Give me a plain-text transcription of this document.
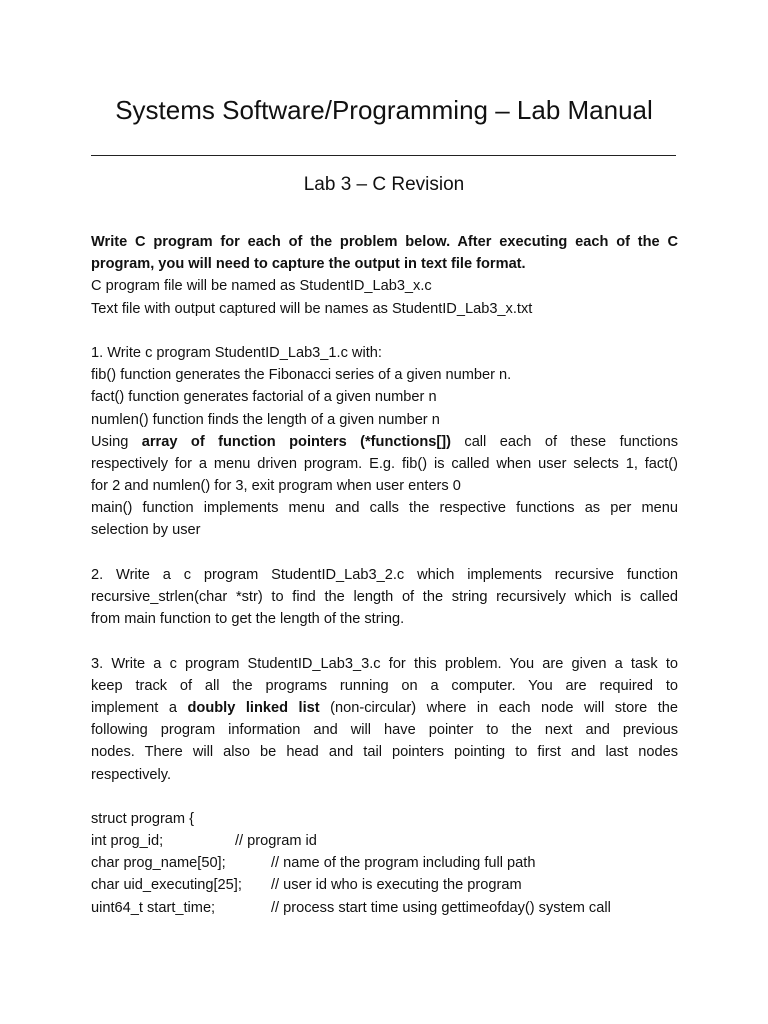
Systems Software/Programming – Lab Manual
Lab 3 – C Revision
Write C program for each of the problem below. After executing each of the C
program, you will need to capture the output in text file format.
C program file will be named as StudentID_Lab3_x.c
Text file with output captured will be names as StudentID_Lab3_x.txt
1. Write c program StudentID_Lab3_1.c with:
fib() function generates the Fibonacci series of a given number n.
fact() function generates factorial of a given number n
numlen() function finds the length of a given number n
Using array of function pointers (*functions[]) call each of these functions
respectively for a menu driven program. E.g. fib() is called when user selects 1, fact()
for 2 and numlen() for 3, exit program when user enters 0
main() function implements menu and calls the respective functions as per menu
selection by user
2. Write a c program StudentID_Lab3_2.c which implements recursive function
recursive_strlen(char *str) to find the length of the string recursively which is called
from main function to get the length of the string.
3. Write a c program StudentID_Lab3_3.c for this problem. You are given a task to
keep track of all the programs running on a computer. You are required to
implement a doubly linked list (non-circular) where in each node will store the
following program information and will have pointer to the next and previous
nodes. There will also be head and tail pointers pointing to first and last nodes
respectively.
struct program {
int prog_id;	// program id
char prog_name[50];	// name of the program including full path
char uid_executing[25];	// user id who is executing the program
uint64_t start_time;	// process start time using gettimeofday() system call
